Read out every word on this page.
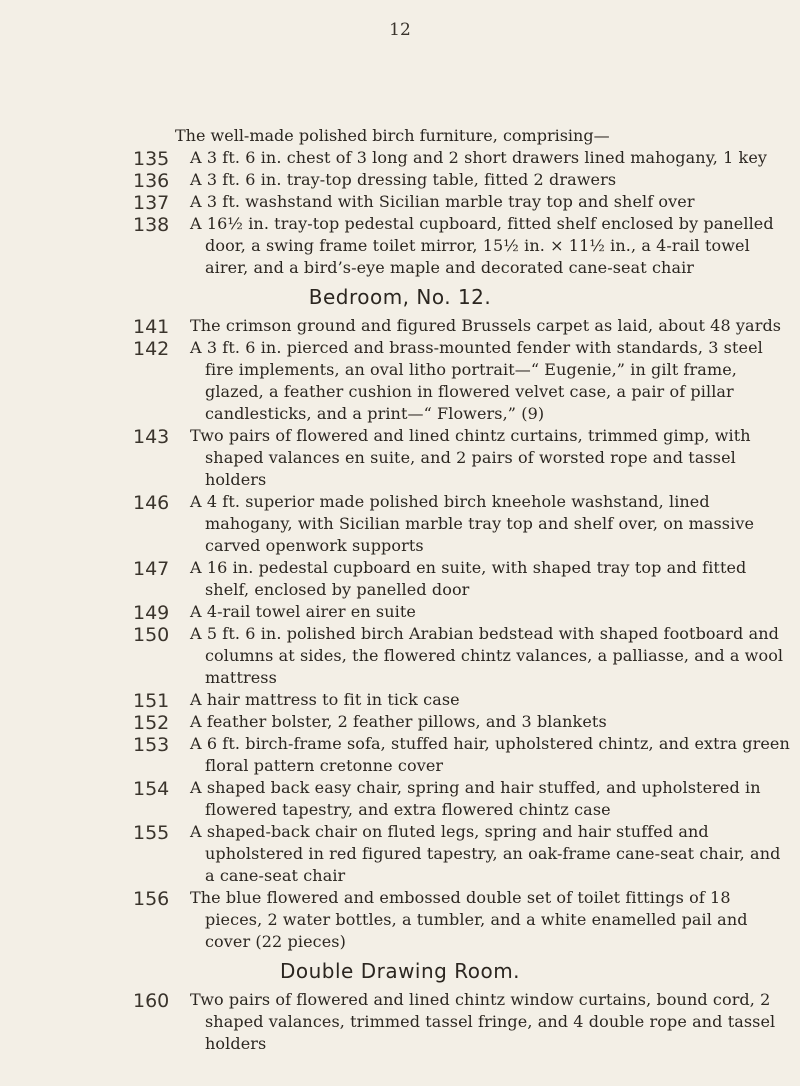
12
The well-made polished birch furniture, comprising—
135	A 3 ft. 6 in. chest of 3 long and 2 short drawers lined mahogany, 1 key
136	A 3 ft. 6 in. tray-top dressing table, fitted 2 drawers
137	A 3 ft. washstand with Sicilian marble tray top and shelf over
138	A 16½ in. tray-top pedestal cupboard, fitted shelf enclosed by panelled door, a swing frame toilet mirror, 15½ in. × 11½ in., a 4-rail towel airer, and a bird’s-eye maple and decorated cane-seat chair
Bedroom, No. 12.
141	The crimson ground and figured Brussels carpet as laid, about 48 yards
142	A 3 ft. 6 in. pierced and brass-mounted fender with standards, 3 steel fire implements, an oval litho portrait—“ Eugenie,” in gilt frame, glazed, a feather cushion in flowered velvet case, a pair of pillar candlesticks, and a print—“ Flowers,” (9)
143	Two pairs of flowered and lined chintz curtains, trimmed gimp, with shaped valances en suite, and 2 pairs of worsted rope and tassel holders
146	A 4 ft. superior made polished birch kneehole washstand, lined mahogany, with Sicilian marble tray top and shelf over, on massive carved openwork supports
147	A 16 in. pedestal cupboard en suite, with shaped tray top and fitted shelf, enclosed by panelled door
149	A 4-rail towel airer en suite
150	A 5 ft. 6 in. polished birch Arabian bedstead with shaped footboard and columns at sides, the flowered chintz valances, a palliasse, and a wool mattress
151	A hair mattress to fit in tick case
152	A feather bolster, 2 feather pillows, and 3 blankets
153	A 6 ft. birch-frame sofa, stuffed hair, upholstered chintz, and extra green floral pattern cretonne cover
154	A shaped back easy chair, spring and hair stuffed, and upholstered in flowered tapestry, and extra flowered chintz case
155	A shaped-back chair on fluted legs, spring and hair stuffed and upholstered in red figured tapestry, an oak-frame cane-seat chair, and a cane-seat chair
156	The blue flowered and embossed double set of toilet fittings of 18 pieces, 2 water bottles, a tumbler, and a white enamelled pail and cover (22 pieces)
Double Drawing Room.
160	Two pairs of flowered and lined chintz window curtains, bound cord, 2 shaped valances, trimmed tassel fringe, and 4 double rope and tassel holders
